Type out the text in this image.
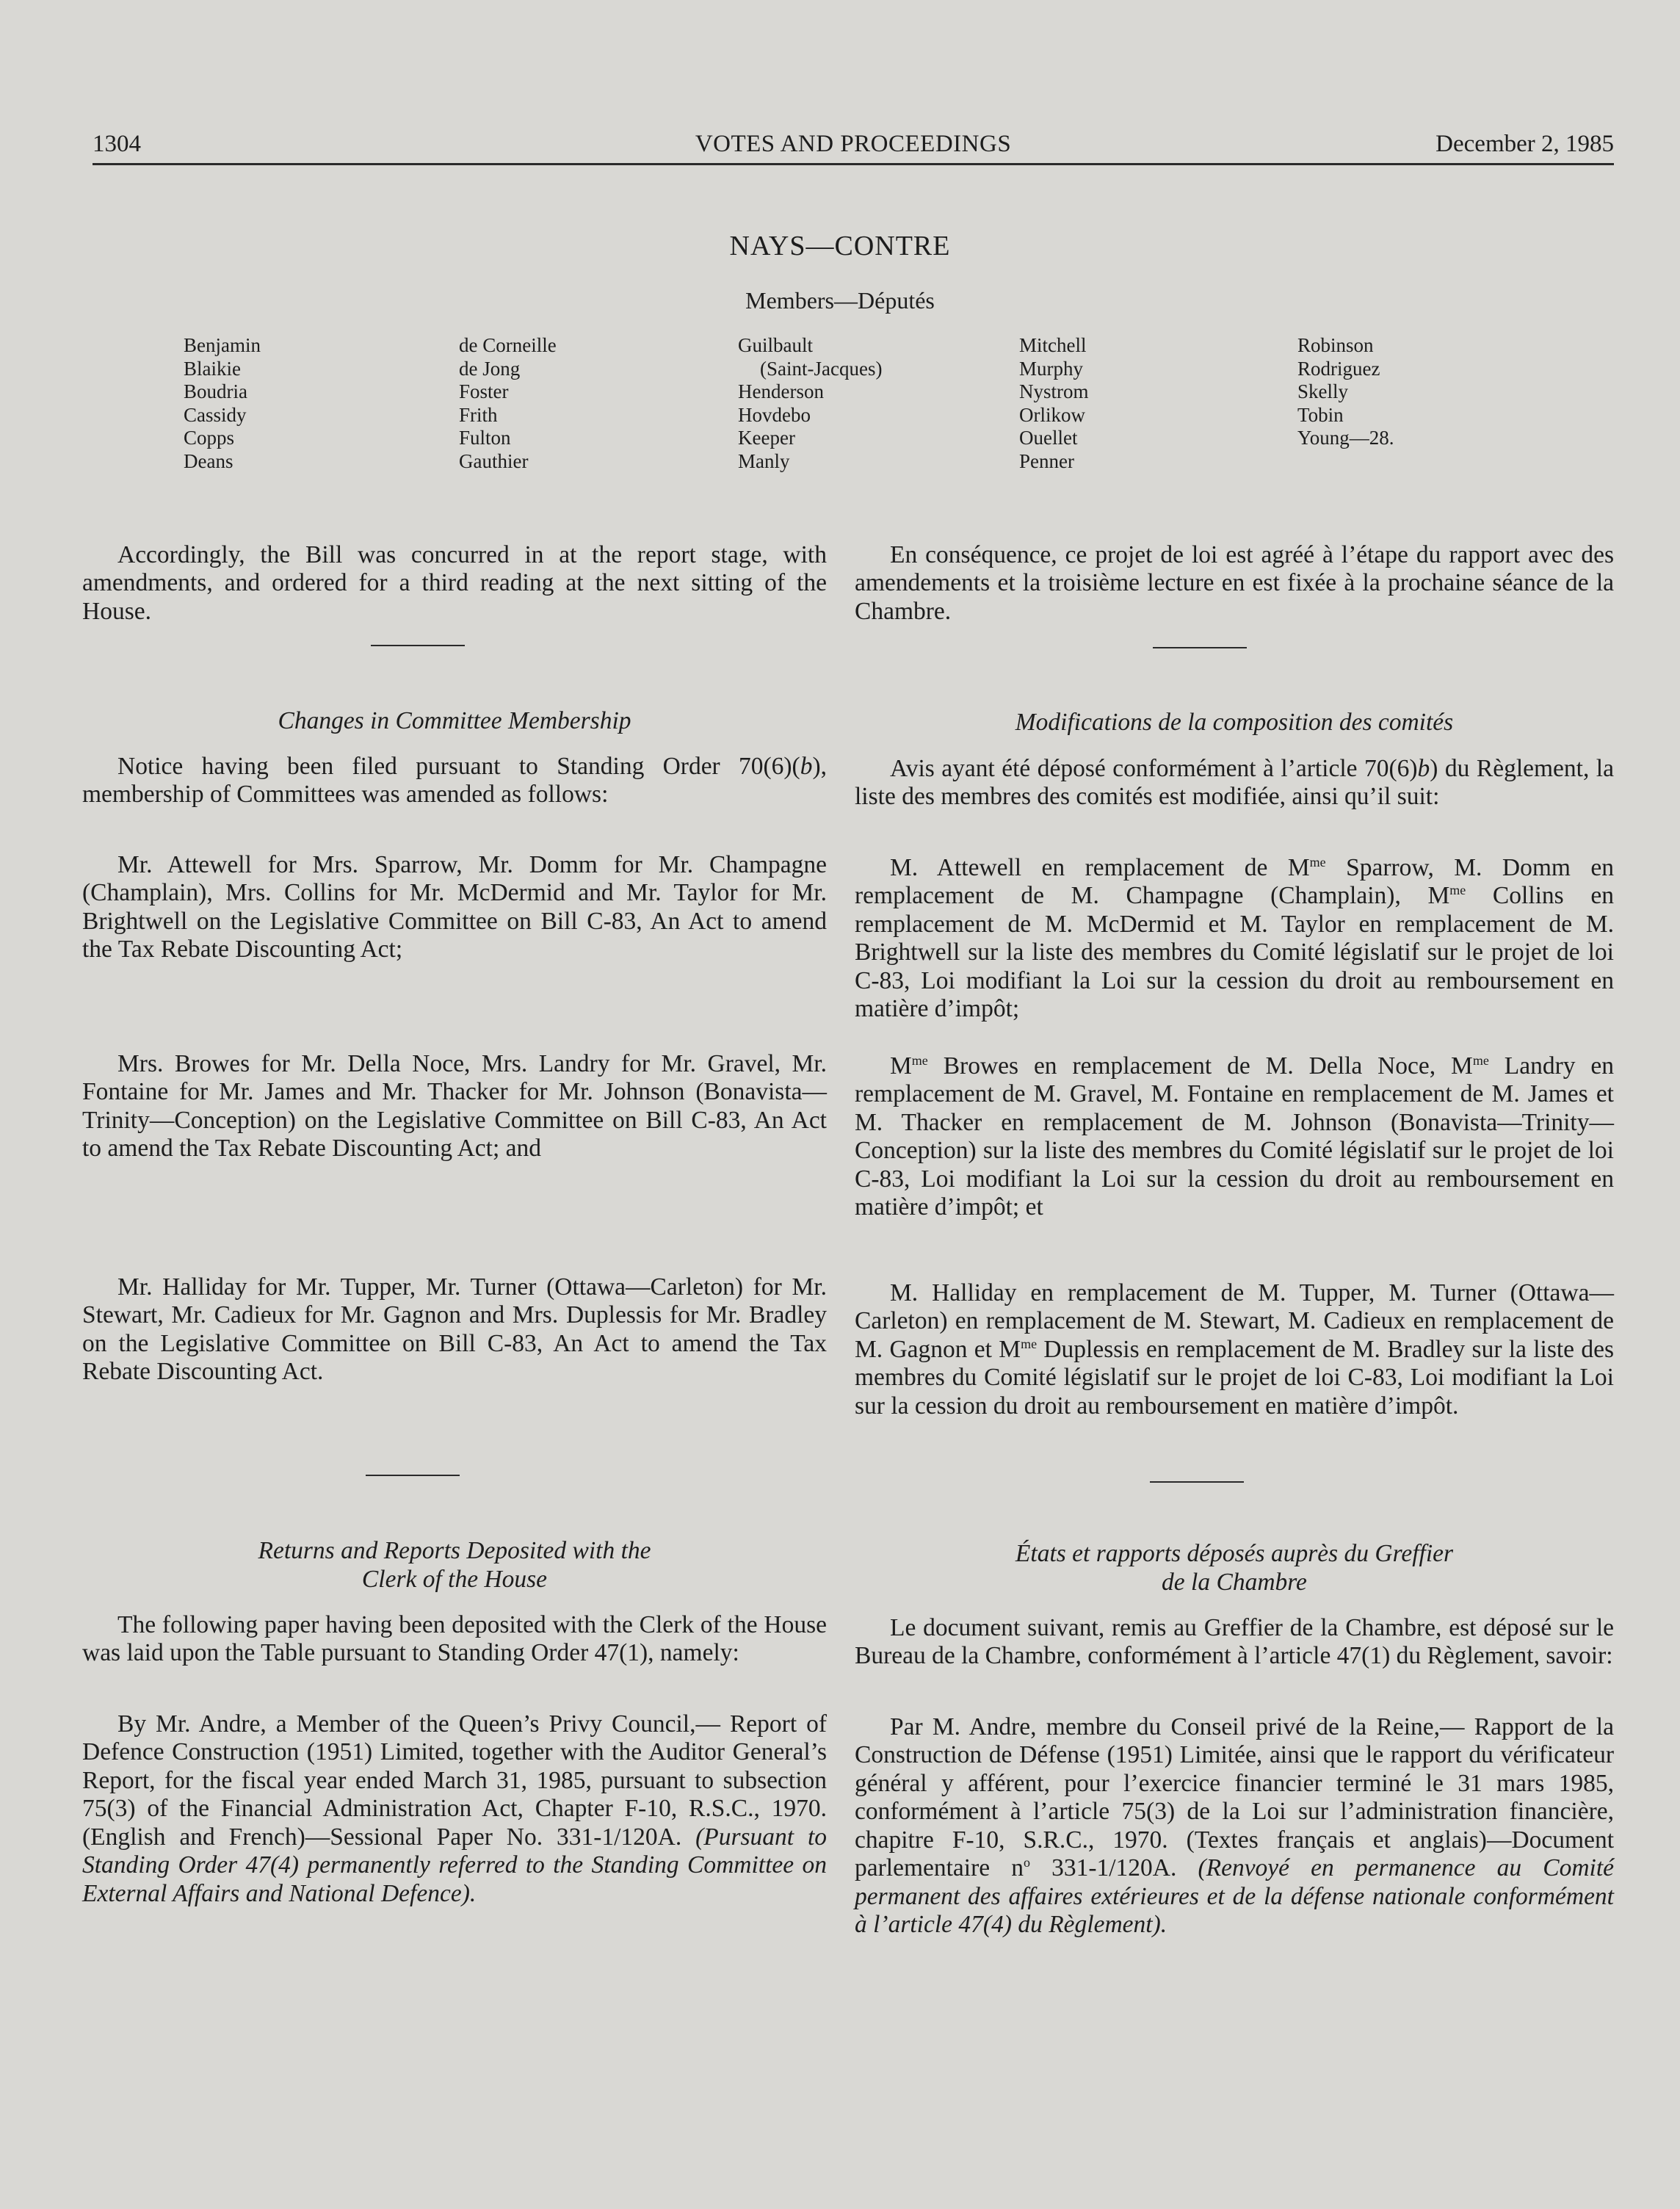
1304	VOTES AND PROCEEDINGS	December 2, 1985
NAYS—CONTRE
Members—Députés
Benjamin
Blaikie
Boudria
Cassidy
Copps
Deans
de Corneille
de Jong
Foster
Frith
Fulton
Gauthier
Guilbault
(Saint-Jacques)
Henderson
Hovdebo
Keeper
Manly
Mitchell
Murphy
Nystrom
Orlikow
Ouellet
Penner
Robinson
Rodriguez
Skelly
Tobin
Young—28.

Accordingly, the Bill was concurred in at the report stage, with amendments, and ordered for a third reading at the next sitting of the House.

Changes in Committee Membership

Notice having been filed pursuant to Standing Order 70(6)(b), membership of Committees was amended as follows:

Mr. Attewell for Mrs. Sparrow, Mr. Domm for Mr. Champagne (Champlain), Mrs. Collins for Mr. McDermid and Mr. Taylor for Mr. Brightwell on the Legislative Committee on Bill C-83, An Act to amend the Tax Rebate Discounting Act;

Mrs. Browes for Mr. Della Noce, Mrs. Landry for Mr. Gravel, Mr. Fontaine for Mr. James and Mr. Thacker for Mr. Johnson (Bonavista—Trinity—Conception) on the Legislative Committee on Bill C-83, An Act to amend the Tax Rebate Discounting Act; and

Mr. Halliday for Mr. Tupper, Mr. Turner (Ottawa—Carleton) for Mr. Stewart, Mr. Cadieux for Mr. Gagnon and Mrs. Duplessis for Mr. Bradley on the Legislative Committee on Bill C-83, An Act to amend the Tax Rebate Discounting Act.

Returns and Reports Deposited with the

Clerk of the House

The following paper having been deposited with the Clerk of the House was laid upon the Table pursuant to Standing Order 47(1), namely:

By Mr. Andre, a Member of the Queen’s Privy Council,— Report of Defence Construction (1951) Limited, together with the Auditor General’s Report, for the fiscal year ended March 31, 1985, pursuant to subsection 75(3) of the Financial Administration Act, Chapter F-10, R.S.C., 1970. (English and French)—Sessional Paper No. 331-1/120A. (Pursuant to Standing Order 47(4) permanently referred to the Standing Committee on External Affairs and National Defence).

En conséquence, ce projet de loi est agréé à l’étape du rapport avec des amendements et la troisième lecture en est fixée à la prochaine séance de la Chambre.

Modifications de la composition des comités

Avis ayant été déposé conformément à l’article 70(6)b) du Règlement, la liste des membres des comités est modifiée, ainsi qu’il suit:

M. Attewell en remplacement de $M^{me}$ Sparrow, M. Domm en remplacement de M. Champagne (Champlain), $M^{me}$ Collins en remplacement de M. McDermid et M. Taylor en remplacement de M. Brightwell sur la liste des membres du Comité législatif sur le projet de loi C-83, Loi modifiant la Loi sur la cession du droit au remboursement en matière d’impôt;

$M^{me}$ Browes en remplacement de M. Della Noce, $M^{me}$ Landry en remplacement de M. Gravel, M. Fontaine en remplacement de M. James et M. Thacker en remplacement de M. Johnson (Bonavista—Trinity—Conception) sur la liste des membres du Comité législatif sur le projet de loi C-83, Loi modifiant la Loi sur la cession du droit au remboursement en matière d’impôt; et

M. Halliday en remplacement de M. Tupper, M. Turner (Ottawa—Carleton) en remplacement de M. Stewart, M. Cadieux en remplacement de M. Gagnon et $M^{me}$ Duplessis en remplacement de M. Bradley sur la liste des membres du Comité législatif sur le projet de loi C-83, Loi modifiant la Loi sur la cession du droit au remboursement en matière d’impôt.

États et rapports déposés auprès du Greffier

de la Chambre

Le document suivant, remis au Greffier de la Chambre, est déposé sur le Bureau de la Chambre, conformément à l’article 47(1) du Règlement, savoir:

Par M. Andre, membre du Conseil privé de la Reine,— Rapport de la Construction de Défense (1951) Limitée, ainsi que le rapport du vérificateur général y afférent, pour l’exercice financier terminé le 31 mars 1985, conformément à l’article 75(3) de la Loi sur l’administration financière, chapitre F-10, S.R.C., 1970. (Textes français et anglais)—Document parlementaire $n^o$ 331-1/120A. (Renvoyé en permanence au Comité permanent des affaires extérieures et de la défense nationale conformément à l’article 47(4) du Règlement).
